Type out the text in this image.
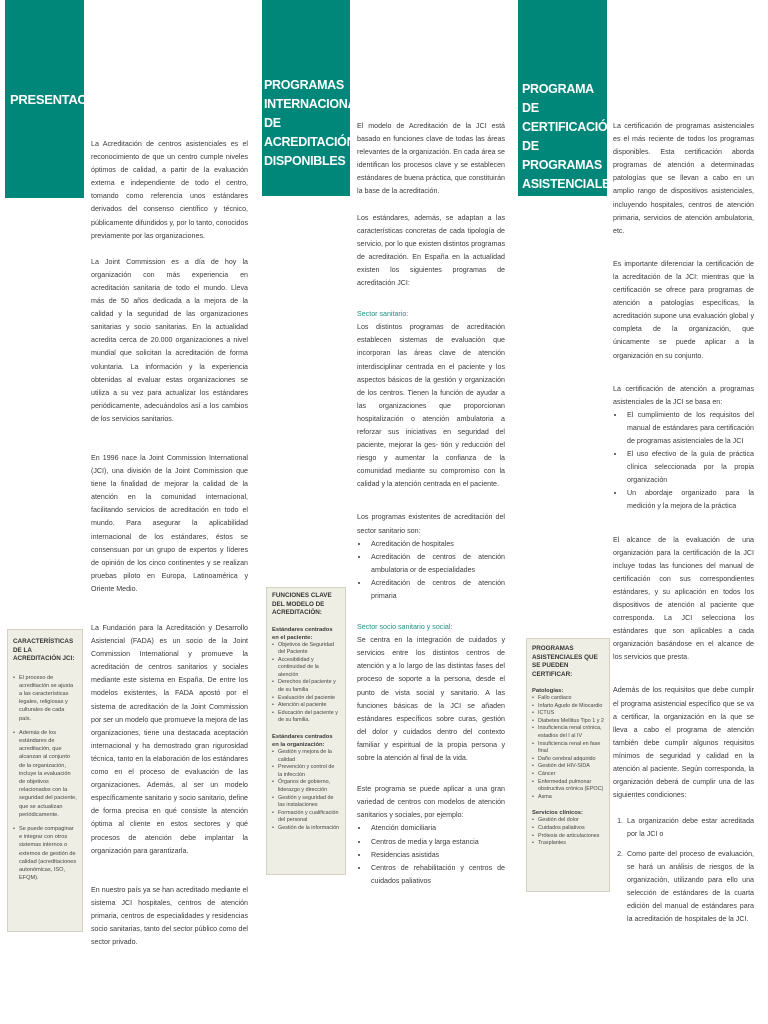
PRESENTACIÓN
PROGRAMAS INTERNACIONALES DE ACREDITACIÓN DISPONIBLES
PROGRAMA DE CERTIFICACIÓN DE PROGRAMAS ASISTENCIALES

La Acreditación de centros asistenciales es el reconocimiento de que un centro cumple niveles óptimos de calidad, a partir de la evaluación externa e independiente de todo el centro, tomando como referencia unos estándares derivados del consenso científico y técnico, públicamente difundidos y, por lo tanto, conocidos previamente por las organizaciones.

La Joint Commission es a día de hoy la organización con más experiencia en acreditación sanitaria de todo el mundo. Lleva más de 50 años dedicada a la mejora de la calidad y la seguridad de las organizaciones sanitarias y socio sanitarias. En la actualidad acredita cerca de 20.000 organizaciones a nivel mundial que solicitan la acreditación de forma voluntaria. La información y la experiencia obtenidas al evaluar estas organizaciones se utiliza a su vez para actualizar los estándares periódicamente, adecuándolos así a los cambios de los servicios sanitarios.

En 1996 nace la Joint Commission International (JCI), una división de la Joint Commission que tiene la finalidad de mejorar la calidad de la atención en la comunidad internacional, facilitando servicios de acreditación en todo el mundo. Para asegurar la aplicabilidad internacional de los estándares, éstos se consensuan por un grupo de expertos y líderes de opinión de los cinco continentes y se realizan pruebas piloto en Europa, Latinoamérica y Oriente Medio.

La Fundación para la Acreditación y Desarrollo Asistencial (FADA) es un socio de la Joint Commission International y promueve la acreditación de centros sanitarios y sociales mediante este sistema en España. De entre los modelos existentes, la FADA apostó por el sistema de acreditación de la Joint Commission por ser un modelo que promueve la mejora de las organizaciones, tiene una destacada aceptación internacional y ha demostrado gran rigurosidad técnica, tanto en la elaboración de los estándares como en el proceso de evaluación de las organizaciones. Además, al ser un modelo específicamente sanitario y socio sanitario, define de forma precisa en qué consiste la atención óptima al cliente en estos sectores y qué procesos de atención debe implantar la organización para garantizarla.

En nuestro país ya se han acreditado mediante el sistema JCI hospitales, centros de atención primaria, centros de especialidades y residencias socio sanitarias, tanto del sector público como del sector privado.

El modelo de Acreditación de la JCI está basado en funciones clave de todas las áreas relevantes de la organización. En cada área se identifican los procesos clave y se establecen estándares de buena práctica, que constituirán la base de la acreditación.

Los estándares, además, se adaptan a las características concretas de cada tipología de servicio, por lo que existen distintos programas de acreditación. En España en la actualidad existen los siguientes programas de acreditación JCI:

Sector sanitario:

Los distintos programas de acreditación establecen sistemas de evaluación que incorporan las áreas clave de atención interdisciplinar centrada en el paciente y los aspectos básicos de la gestión y organización de los centros. Tienen la función de ayudar a las organizaciones que proporcionan hospitalización o atención ambulatoria a reforzar sus iniciativas en seguridad del paciente, mejorar la ges- tión y reducción del riesgo y aumentar la confianza de la comunidad mediante su compromiso con la calidad y la atención centrada en el paciente.

Los programas existentes de acreditación del sector sanitario son:

• Acreditación de hospitales
• Acreditación de centros de atención ambulatoria or de especialidades
• Acreditación de centros de atención primaria

Sector socio sanitario y social:

Se centra en la integración de cuidados y servicios entre los distintos centros de atención y a lo largo de las distintas fases del proceso de soporte a la persona, desde el punto de vista social y sanitario. A las funciones básicas de la JCI se añaden estándares específicos sobre curas, gestión del dolor y cuidados dentro del contexto familiar y espiritual de la propia persona y sobre la atención al final de la vida.

Este programa se puede aplicar a una gran variedad de centros con modelos de atención sanitarios y sociales, por ejemplo:

• Atención domiciliaria
• Centros de media y larga estancia
• Residencias asistidas
• Centros de rehabilitación y centros de cuidados paliativos

La certificación de programas asistenciales es el más reciente de todos los programas disponibles. Esta certificación aborda programas de atención a determinadas patologías que se llevan a cabo en un amplio rango de dispositivos asistenciales, incluyendo hospitales, centros de atención primaria, servicios de atención ambulatoria, etc.

Es importante diferenciar la certificación de la acreditación de la JCI: mientras que la certificación se ofrece para programas de atención a patologías específicas, la acreditación supone una evaluación global y completa de la organización, que únicamente se puede aplicar a la organización en su conjunto.

La certificación de atención a programas asistenciales de la JCI se basa en:

• El cumplimiento de los requisitos del manual de estándares para certificación de programas asistenciales de la JCI
• El uso efectivo de la guía de práctica clínica seleccionada por la propia organización
• Un abordaje organizado para la medición y la mejora de la práctica

El alcance de la evaluación de una organización para la certificación de la JCI incluye todas las funciones del manual de certificación con sus correspondientes estándares, y su aplicación en todos los dispositivos de atención al paciente que corresponda. La JCI selecciona los estándares que son aplicables a cada organización basándose en el alcance de los servicios que presta.

Además de los requisitos que debe cumplir el programa asistencial específico que se va a certificar, la organización en la que se lleva a cabo el programa de atención también debe cumplir algunos requisitos mínimos de seguridad y calidad en la atención al paciente. Según corresponda, la organización deberá de cumplir una de las siguientes condiciones:

1. La organización debe estar acreditada por la JCI o
2. Como parte del proceso de evaluación, se hará un análisis de riesgos de la organización, utilizando para ello una selección de estándares de la cuarta edición del manual de estándares para la acreditación de hospitales de la JCI.
CARACTERÍSTICAS DE LA ACREDITACIÓN JCI:
• El proceso de acreditación se ajusta a las características legales, religiosas y culturales de cada país.
• Además de los estándares de acreditación, que alcanzan al conjunto de la organización, incluye la evaluación de objetivos relacionados con la seguridad del paciente, que se actualizan periódicamente.
• Se puede compaginar e integrar con otros sistemas internos o externos de gestión de calidad (acreditaciones autonómicas, ISO, EFQM).
FUNCIONES CLAVE DEL MODELO DE ACREDITACIÓN:
Estándares centrados en el paciente:
• Objetivos de Seguridad del Paciente
• Accesibilidad y continuidad de la atención
• Derechos del paciente y de su familia
• Evaluación del paciente
• Atención al paciente
• Educación del paciente y de su familia.
Estándares centrados en la organización:
• Gestión y mejora de la calidad
• Prevención y control de la infección
• Órganos de gobierno, liderazgo y dirección
• Gestión y seguridad de las instalaciones
• Formación y cualificación del personal
• Gestión de la información
PROGRAMAS ASISTENCIALES QUE SE PUEDEN CERTIFICAR:
Patologías:
• Fallo cardiaco
• Infarto Agudo de Miocardio
• ICTUS
• Diabetes Mellitus Tipo 1 y 2
• Insuficiencia renal crónica, estadios del I al IV
• Insuficiencia renal en fase final
• Daño cerebral adquirido
• Gestión del HIV-SIDA
• Cáncer
• Enfermedad pulmonar obstructiva crónica (EPOC)
• Asma
Servicios clínicos:
• Gestión del dolor
• Cuidados paliativos
• Prótesis de articulaciones
• Trasplantes
